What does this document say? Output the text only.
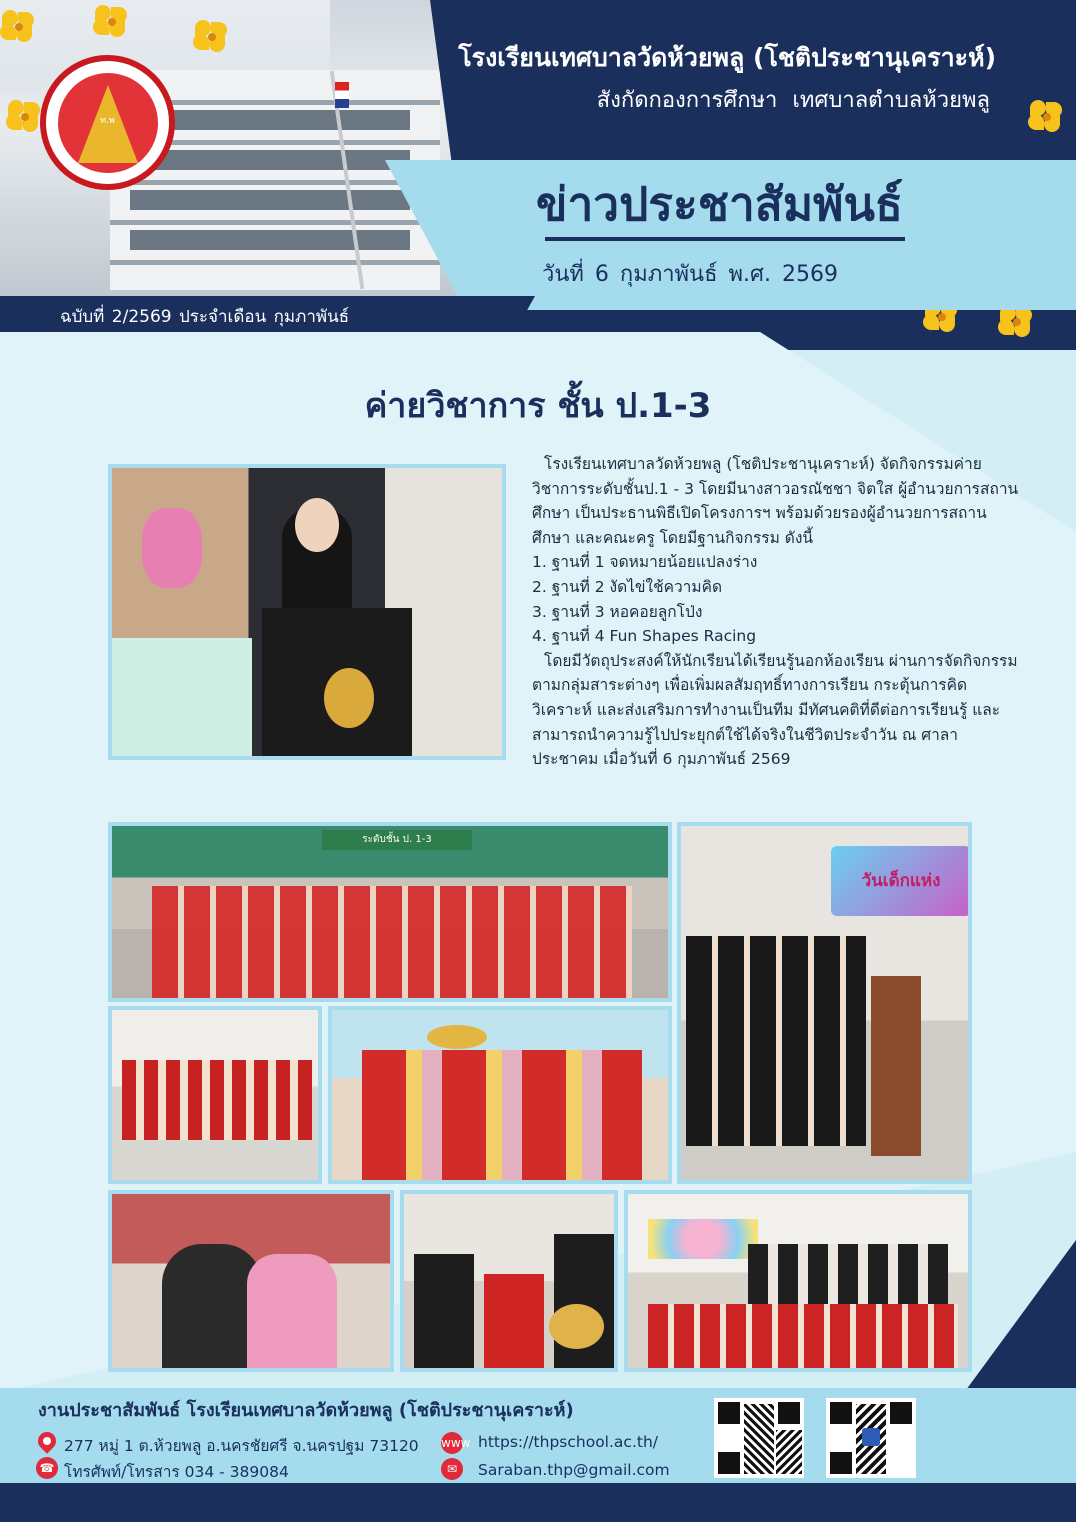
ท.พ
โรงเรียนเทศบาลวัดห้วยพลู (โชติประชานุเคราะห์)
สังกัดกองการศึกษา เทศบาลตำบลห้วยพลู
ข่าวประชาสัมพันธ์
วันที่ 6 กุมภาพันธ์ พ.ศ. 2569
ฉบับที่ 2/2569 ประจำเดือน กุมภาพันธ์
ค่ายวิชาการ ชั้น ป.1-3

โรงเรียนเทศบาลวัดห้วยพลู (โชติประชานุเคราะห์) จัดกิจกรรมค่ายวิชาการระดับชั้นป.1 - 3 โดยมีนางสาวอรณัชชา จิตใส ผู้อำนวยการสถานศึกษา เป็นประธานพิธีเปิดโครงการฯ พร้อมด้วยรองผู้อำนวยการสถานศึกษา และคณะครู โดยมีฐานกิจกรรม ดังนี้

1. ฐานที่ 1 จดหมายน้อยแปลงร่าง

2. ฐานที่ 2 งัดไข่ใช้ความคิด

3. ฐานที่ 3 หอคอยลูกโป่ง

4. ฐานที่ 4 Fun Shapes Racing

โดยมีวัตถุประสงค์ให้นักเรียนได้เรียนรู้นอกห้องเรียน ผ่านการจัดกิจกรรมตามกลุ่มสาระต่างๆ เพื่อเพิ่มผลสัมฤทธิ์ทางการเรียน กระตุ้นการคิดวิเคราะห์ และส่งเสริมการทำงานเป็นทีม มีทัศนคติที่ดีต่อการเรียนรู้ และสามารถนำความรู้ไปประยุกต์ใช้ได้จริงในชีวิตประจำวัน ณ ศาลาประชาคม เมื่อวันที่ 6 กุมภาพันธ์ 2569

ระดับชั้น ป. 1-3
วันเด็กแห่ง
งานประชาสัมพันธ์ โรงเรียนเทศบาลวัดห้วยพลู (โชติประชานุเคราะห์)
277 หมู่ 1 ต.ห้วยพลู อ.นครชัยศรี จ.นครปฐม 73120
☎ โทรศัพท์/โทรสาร 034 - 389084
www https://thpschool.ac.th/
✉	Saraban.thp@gmail.com
